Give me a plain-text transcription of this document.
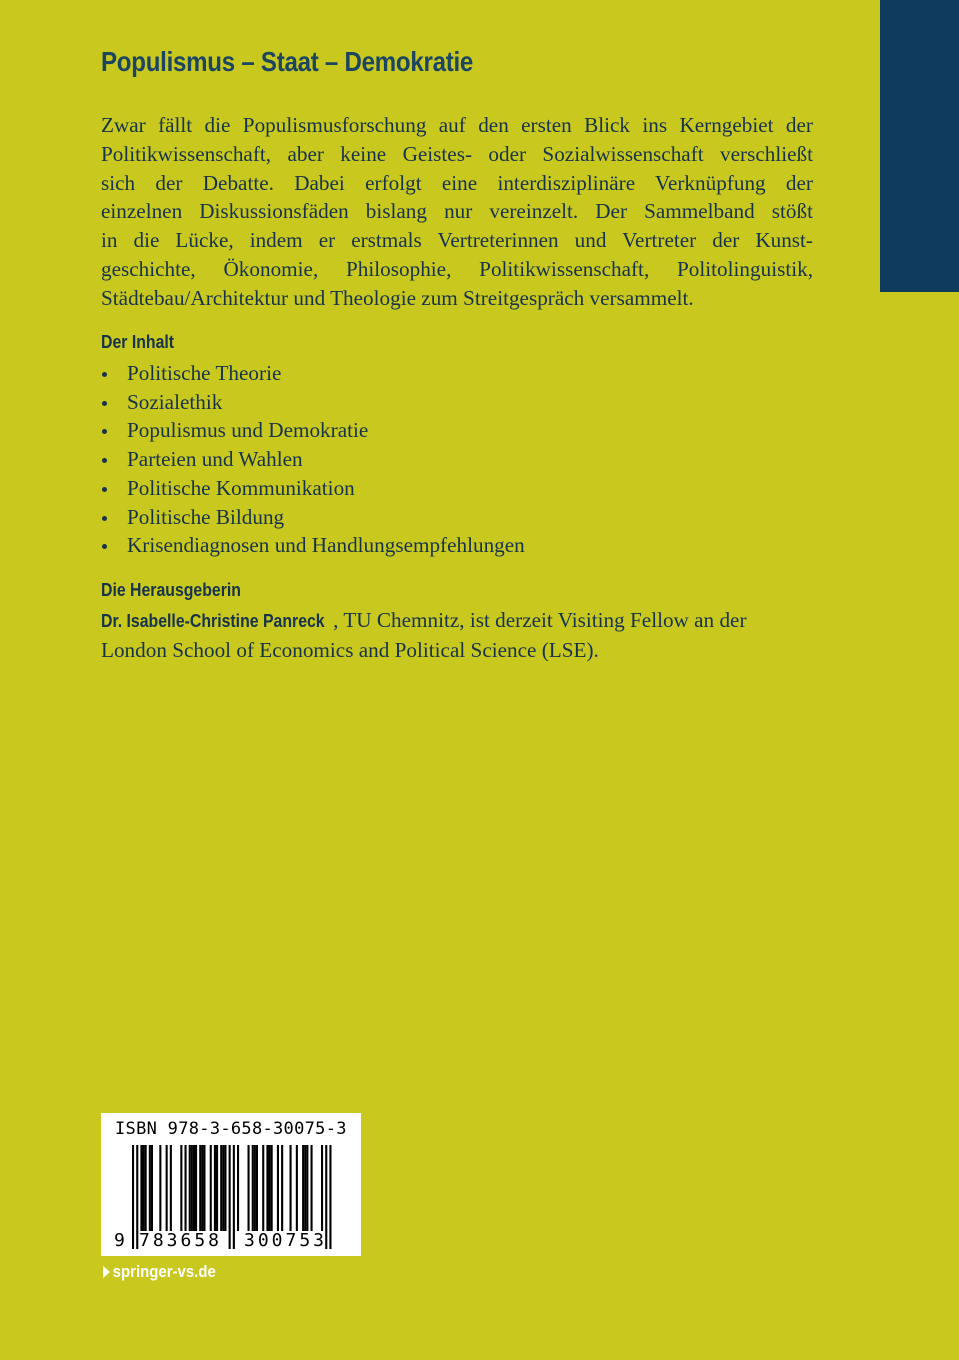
Populismus – Staat – Demokratie

Zwar fällt die Populismusforschung auf den ersten Blick ins Kerngebiet der
Politikwissenschaft, aber keine Geistes- oder Sozialwissenschaft verschließt
sich der Debatte. Dabei erfolgt eine interdisziplinäre Verknüpfung der
einzelnen Diskussionsfäden bislang nur vereinzelt. Der Sammelband stößt
in die Lücke, indem er erstmals Vertreterinnen und Vertreter der Kunst-
geschichte, Ökonomie, Philosophie, Politikwissenschaft, Politolinguistik,
Städtebau/Architektur und Theologie zum Streitgespräch versammelt.

Der Inhalt
Politische Theorie
Sozialethik
Populismus und Demokratie
Parteien und Wahlen
Politische Kommunikation
Politische Bildung
Krisendiagnosen und Handlungsempfehlungen
Die Herausgeberin
Dr. Isabelle-Christine Panreck , TU Chemnitz, ist derzeit Visiting Fellow an der
London School of Economics and Political Science (LSE).
ISBN 978-3-658-30075-3
9 783658 300753
springer-vs.de
